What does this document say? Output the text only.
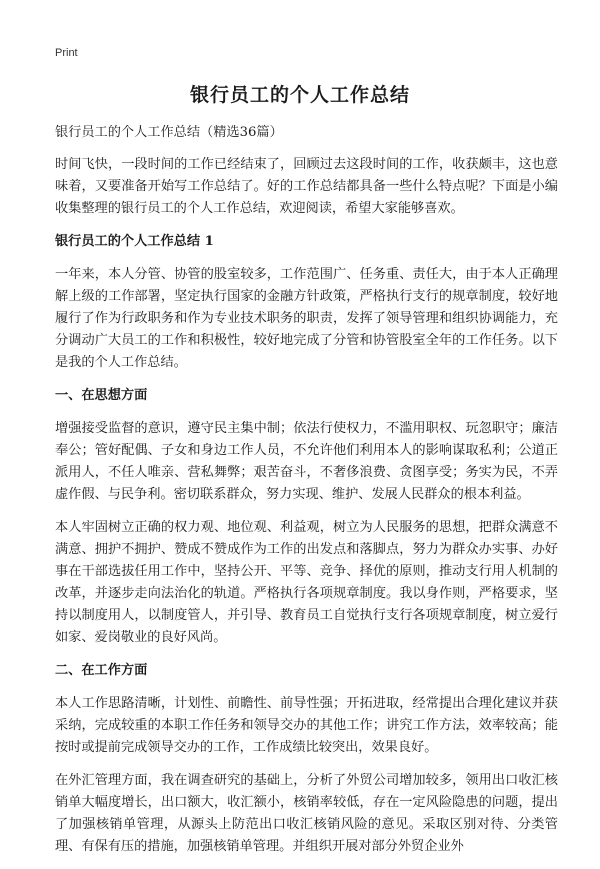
Print
银行员工的个人工作总结

银行员工的个人工作总结（精选36篇）

时间飞快，一段时间的工作已经结束了，回顾过去这段时间的工作，收获颇丰，这也意味着，又要准备开始写工作总结了。好的工作总结都具备一些什么特点呢？下面是小编收集整理的银行员工的个人工作总结，欢迎阅读，希望大家能够喜欢。

银行员工的个人工作总结 1

一年来，本人分管、协管的股室较多，工作范围广、任务重、责任大，由于本人正确理解上级的工作部署，坚定执行国家的金融方针政策，严格执行支行的规章制度，较好地履行了作为行政职务和作为专业技术职务的职责，发挥了领导管理和组织协调能力，充分调动广大员工的工作和积极性，较好地完成了分管和协管股室全年的工作任务。以下是我的个人工作总结。

一、在思想方面

增强接受监督的意识，遵守民主集中制；依法行使权力，不滥用职权、玩忽职守；廉洁奉公；管好配偶、子女和身边工作人员，不允许他们利用本人的影响谋取私利；公道正派用人，不任人唯亲、营私舞弊；艰苦奋斗，不奢侈浪费、贪图享受；务实为民，不弄虚作假、与民争利。密切联系群众，努力实现、维护、发展人民群众的根本利益。

本人牢固树立正确的权力观、地位观、利益观，树立为人民服务的思想，把群众满意不满意、拥护不拥护、赞成不赞成作为工作的出发点和落脚点，努力为群众办实事、办好事在干部选拔任用工作中，坚持公开、平等、竞争、择优的原则，推动支行用人机制的改革，并逐步走向法治化的轨道。严格执行各项规章制度。我以身作则，严格要求，坚持以制度用人，以制度管人，并引导、教育员工自觉执行支行各项规章制度，树立爱行如家、爱岗敬业的良好风尚。

二、在工作方面

本人工作思路清晰，计划性、前瞻性、前导性强；开拓进取，经常提出合理化建议并获采纳，完成较重的本职工作任务和领导交办的其他工作；讲究工作方法，效率较高；能按时或提前完成领导交办的工作，工作成绩比较突出，效果良好。

在外汇管理方面，我在调查研究的基础上，分析了外贸公司增加较多，领用出口收汇核销单大幅度增长，出口额大，收汇额小，核销率较低，存在一定风险隐患的问题，提出了加强核销单管理，从源头上防范出口收汇核销风险的意见。采取区别对待、分类管理、有保有压的措施，加强核销单管理。并组织开展对部分外贸企业外
